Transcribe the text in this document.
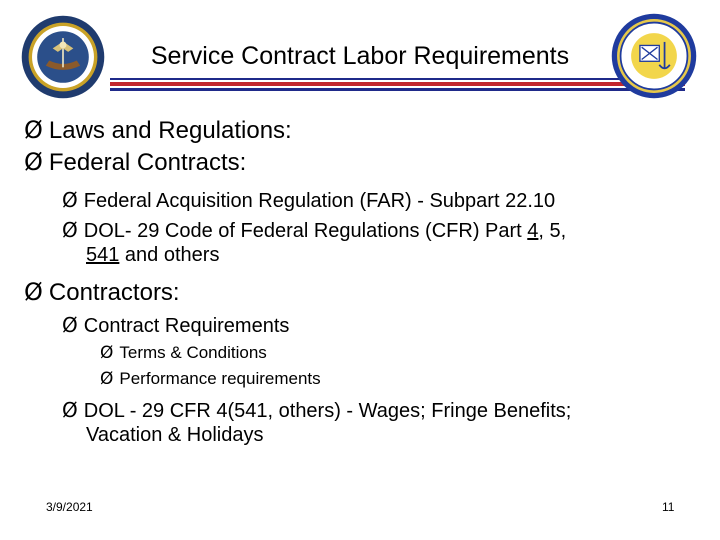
Service Contract Labor Requirements
Ø Laws and Regulations:
Ø Federal Contracts:
Ø Federal Acquisition Regulation (FAR) - Subpart 22.10
Ø DOL- 29 Code of Federal Regulations (CFR) Part 4, 5,
541 and others
Ø Contractors:
Ø Contract Requirements
Ø Terms & Conditions
Ø Performance requirements
Ø DOL - 29 CFR 4(541, others) - Wages; Fringe Benefits;
Vacation & Holidays
3/9/2021	11
